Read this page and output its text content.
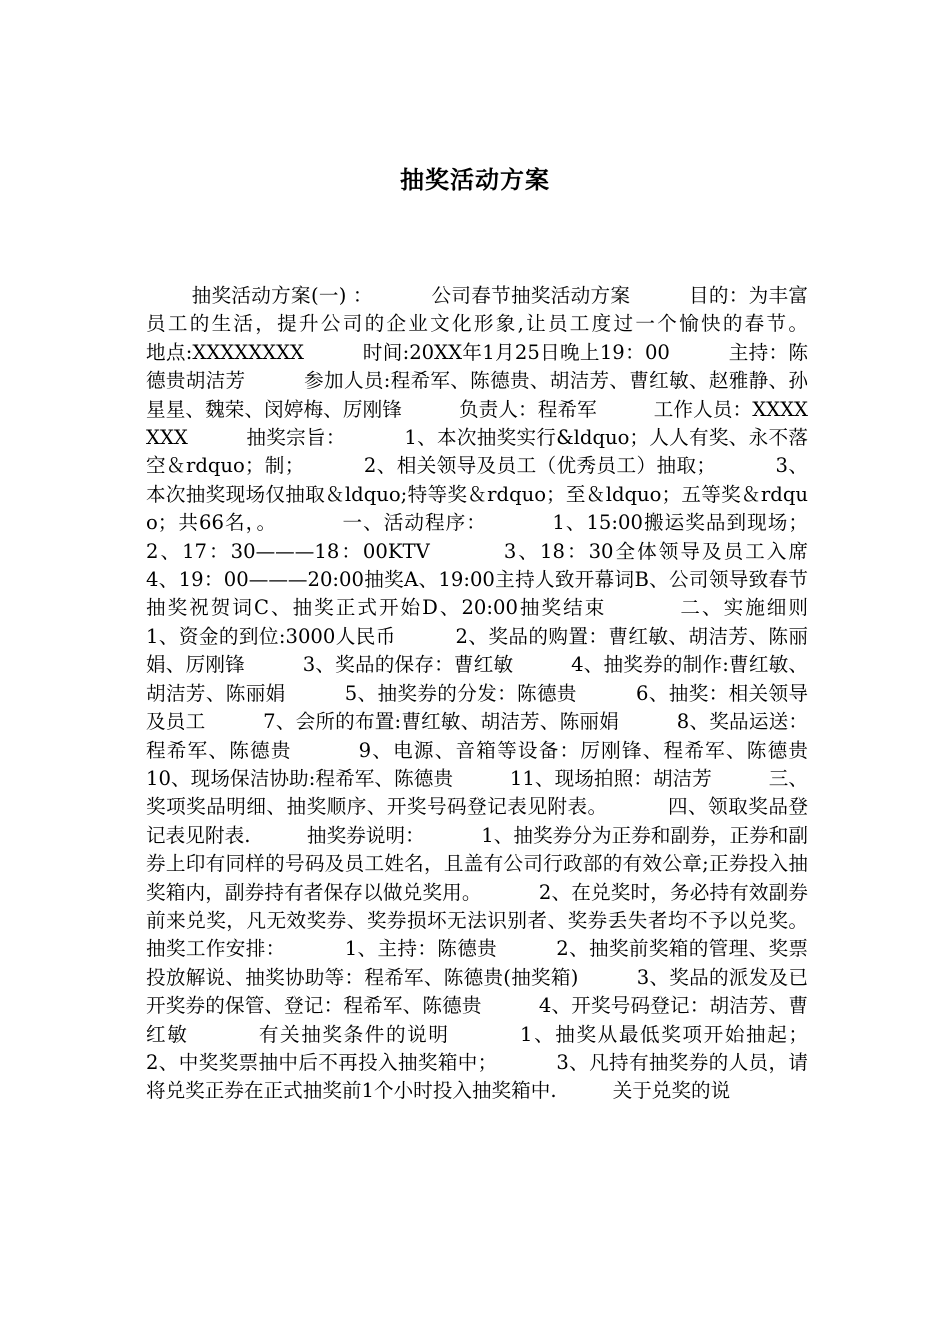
抽奖活动方案

抽奖活动方案(一) ：         公司春节抽奖活动方案         目的：为丰富员工的生活，提升公司的企业文化形象,让员工度过一个愉快的春节。         地点:XXXXXXXX         时间:20XX年1月25日晚上19：00         主持：陈德贵胡洁芳         参加人员:程希军、陈德贵、胡洁芳、曹红敏、赵雅静、孙星星、魏荣、闵婷梅、厉刚锋         负责人：程希军         工作人员：XXXXXXX         抽奖宗旨：         1、本次抽奖实行&ldquo；人人有奖、永不落空＆rdquo；制；         2、相关领导及员工（优秀员工）抽取；         3、本次抽奖现场仅抽取＆ldquo;特等奖＆rdquo；至＆ldquo；五等奖＆rdquo；共66名，。         一、活动程序：         1、15:00搬运奖品到现场；         2、17：30———18：00KTV         3、18：30全体领导及员工入席         4、19：00———20:00抽奖A、19:00主持人致开幕词B、公司领导致春节抽奖祝贺词C、抽奖正式开始D、20:00抽奖结束         二、实施细则         1、资金的到位:3000人民币         2、奖品的购置：曹红敏、胡洁芳、陈丽娟、厉刚锋         3、奖品的保存：曹红敏         4、抽奖券的制作:曹红敏、胡洁芳、陈丽娟         5、抽奖券的分发：陈德贵         6、抽奖：相关领导及员工         7、会所的布置:曹红敏、胡洁芳、陈丽娟         8、奖品运送：程希军、陈德贵         9、电源、音箱等设备：厉刚锋、程希军、陈德贵         10、现场保洁协助:程希军、陈德贵         11、现场拍照：胡洁芳         三、奖项奖品明细、抽奖顺序、开奖号码登记表见附表。         四、领取奖品登记表见附表.         抽奖券说明：         1、抽奖券分为正券和副券，正券和副券上印有同样的号码及员工姓名，且盖有公司行政部的有效公章;正券投入抽奖箱内，副券持有者保存以做兑奖用。         2、在兑奖时，务必持有效副券前来兑奖，凡无效奖券、奖券损坏无法识别者、奖券丢失者均不予以兑奖。         抽奖工作安排：         1、主持：陈德贵         2、抽奖前奖箱的管理、奖票投放解说、抽奖协助等：程希军、陈德贵(抽奖箱)         3、奖品的派发及已开奖券的保管、登记：程希军、陈德贵         4、开奖号码登记：胡洁芳、曹红敏         有关抽奖条件的说明         1、抽奖从最低奖项开始抽起；         2、中奖奖票抽中后不再投入抽奖箱中；         3、凡持有抽奖券的人员，请将兑奖正券在正式抽奖前1个小时投入抽奖箱中.         关于兑奖的说
